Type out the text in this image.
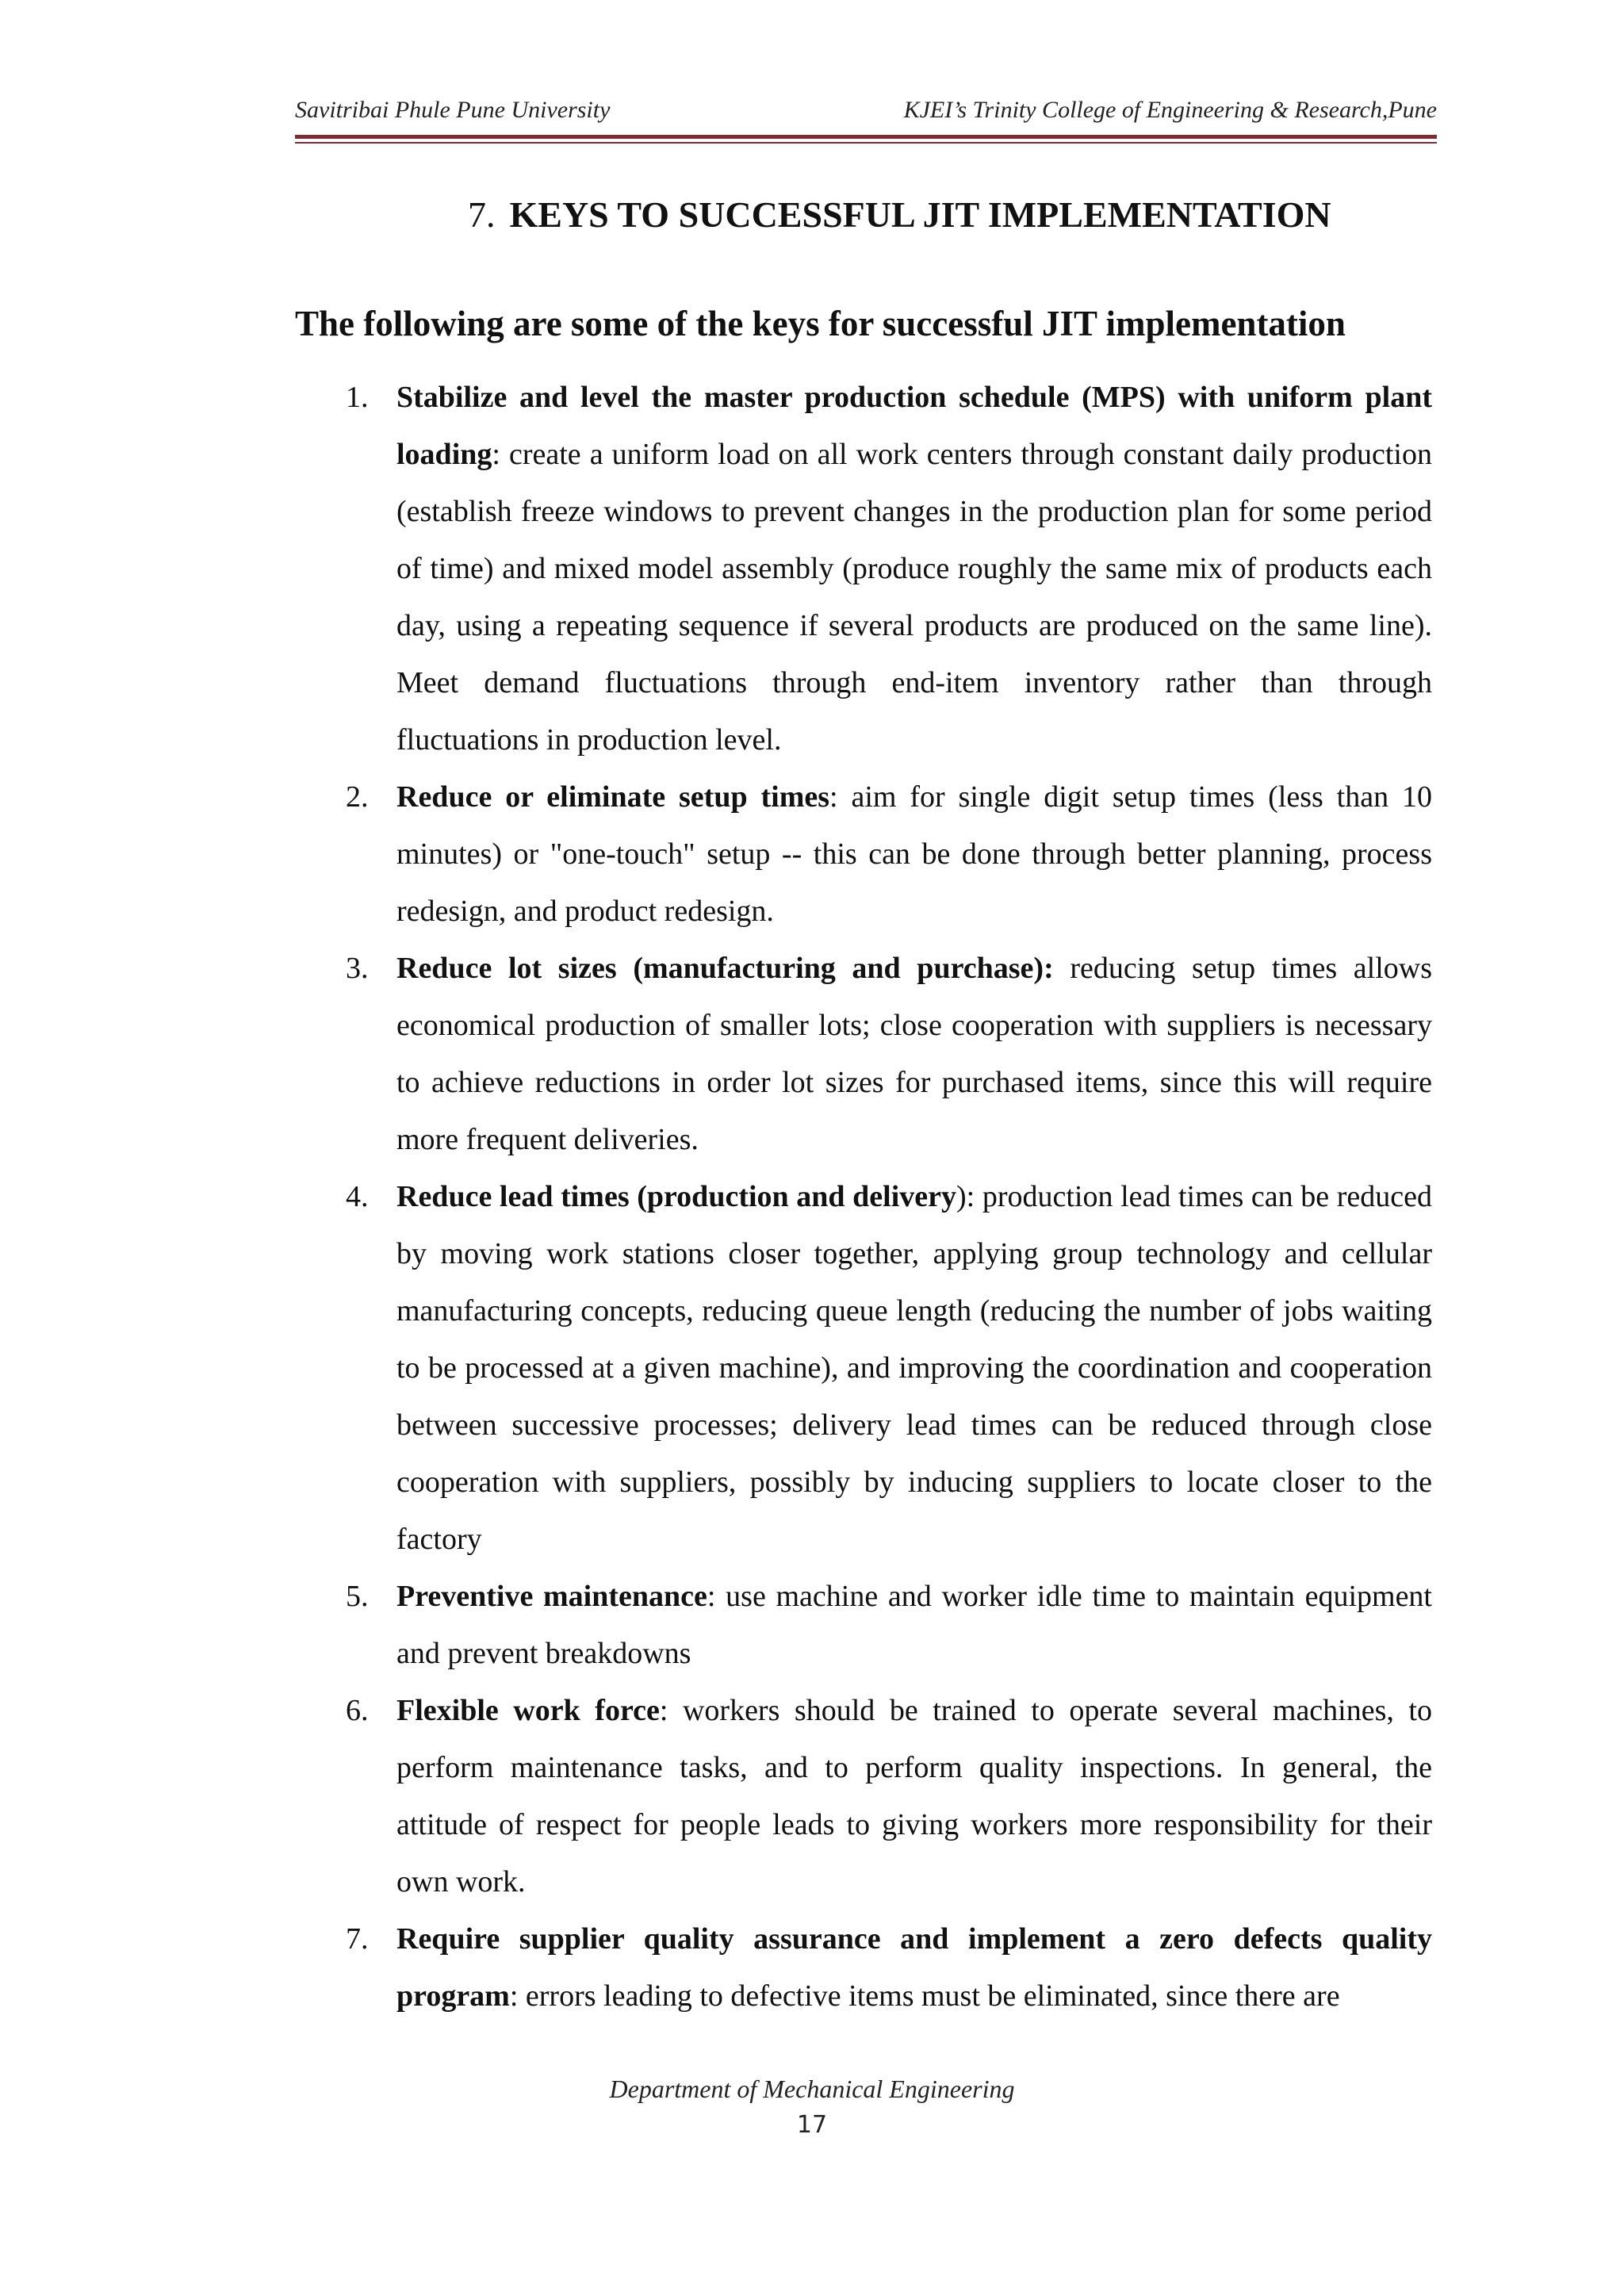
Savitribai Phule Pune University	KJEI’s Trinity College of Engineering & Research,Pune
7. KEYS TO SUCCESSFUL JIT IMPLEMENTATION
The following are some of the keys for successful JIT implementation
1. Stabilize and level the master production schedule (MPS) with uniform plant loading: create a uniform load on all work centers through constant daily production (establish freeze windows to prevent changes in the production plan for some period of time) and mixed model assembly (produce roughly the same mix of products each day, using a repeating sequence if several products are produced on the same line). Meet demand fluctuations through end-item inventory rather than through fluctuations in production level.
2. Reduce or eliminate setup times: aim for single digit setup times (less than 10 minutes) or "one-touch" setup -- this can be done through better planning, process redesign, and product redesign.
3. Reduce lot sizes (manufacturing and purchase): reducing setup times allows economical production of smaller lots; close cooperation with suppliers is necessary to achieve reductions in order lot sizes for purchased items, since this will require more frequent deliveries.
4. Reduce lead times (production and delivery): production lead times can be reduced by moving work stations closer together, applying group technology and cellular manufacturing concepts, reducing queue length (reducing the number of jobs waiting to be processed at a given machine), and improving the coordination and cooperation between successive processes; delivery lead times can be reduced through close cooperation with suppliers, possibly by inducing suppliers to locate closer to the factory
5. Preventive maintenance: use machine and worker idle time to maintain equipment and prevent breakdowns
6. Flexible work force: workers should be trained to operate several machines, to perform maintenance tasks, and to perform quality inspections. In general, the attitude of respect for people leads to giving workers more responsibility for their own work.
7. Require supplier quality assurance and implement a zero defects quality program: errors leading to defective items must be eliminated, since there are
Department of Mechanical Engineering
17
